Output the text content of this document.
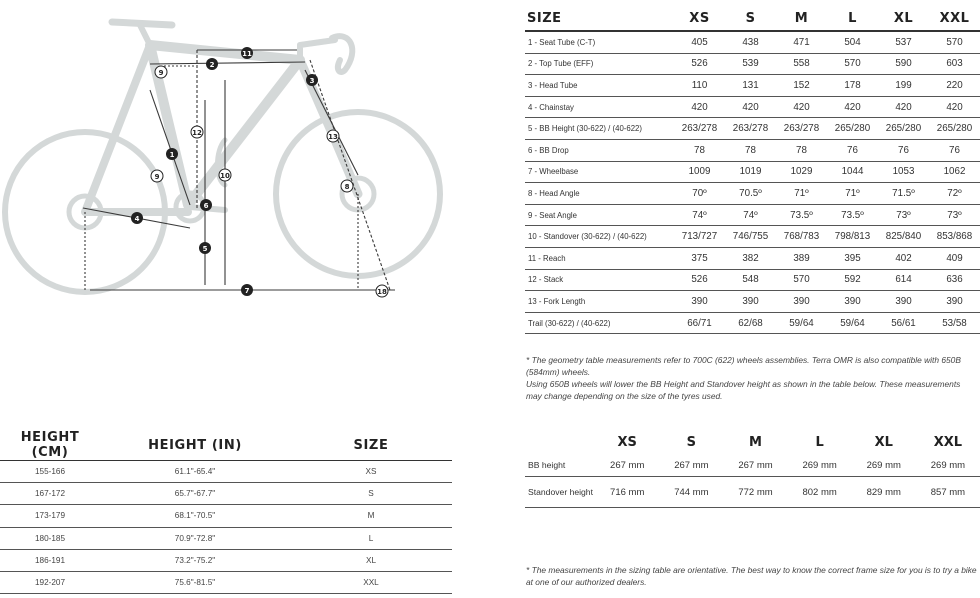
11
2
3
9
12
10
13
1
8
9
6
4
5
7	18
SIZE	XS	S	M	L	XL	XXL
1 - Seat Tube (C-T)	405	438	471	504	537	570
2 - Top Tube (EFF)	526	539	558	570	590	603
3 - Head Tube	110	131	152	178	199	220
4 - Chainstay	420	420	420	420	420	420
5 - BB Height (30-622) / (40-622)	263/278	263/278	263/278	265/280	265/280	265/280
6 - BB Drop	78	78	78	76	76	76
7 - Wheelbase	1009	1019	1029	1044	1053	1062
8 - Head Angle	70º	70.5º	71º	71º	71.5º	72º
9 - Seat Angle	74º	74º	73.5º	73.5º	73º	73º
10 - Standover (30-622) / (40-622)	713/727	746/755	768/783	798/813	825/840	853/868
11 - Reach	375	382	389	395	402	409
12 - Stack	526	548	570	592	614	636
13 - Fork Length	390	390	390	390	390	390
Trail (30-622) / (40-622)	66/71	62/68	59/64	59/64	56/61	53/58
* The geometry table measurements refer to 700C (622) wheels assemblies. Terra OMR is also compatible with 650B (584mm) wheels.
Using 650B wheels will lower the BB Height and Standover height as shown in the table below. These measurements may change depending on the size of the tyres used.
HEIGHT (CM)	HEIGHT (IN)	SIZE
155-166	61.1"-65.4"	XS
167-172	65.7"-67.7"	S
173-179	68.1"-70.5"	M
180-185	70.9"-72.8"	L
186-191	73.2"-75.2"	XL
192-207	75.6"-81.5"	XXL
	XS	S	M	L	XL	XXL
BB height	267 mm	267 mm	267 mm	269 mm	269 mm	269 mm
Standover height	716 mm	744 mm	772 mm	802 mm	829 mm	857 mm
* The measurements in the sizing table are orientative. The best way to know the correct frame size for you is to try a bike at one of our authorized dealers.
